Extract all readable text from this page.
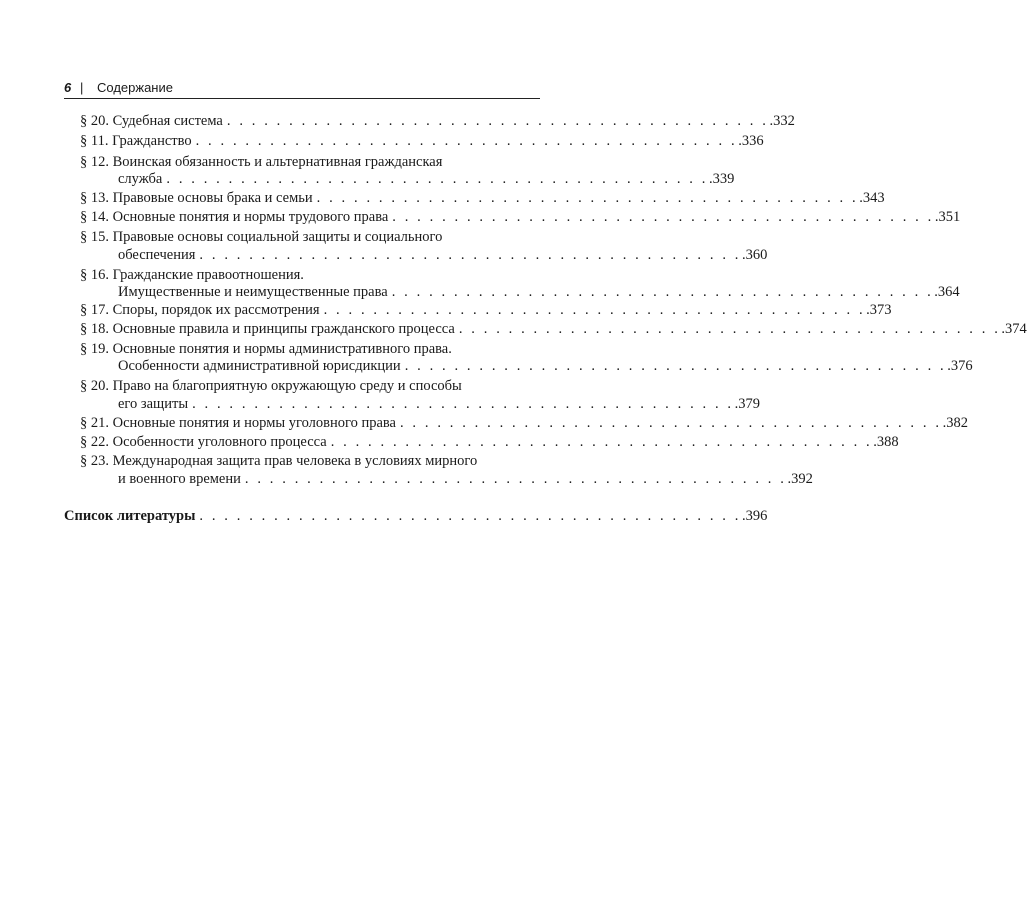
6 | Содержание
§ 20. Судебная система . . . . . . . . . . . . . . . . . . . . . . . . . . . . . . . . . . . . . . . . . . . . .332
§ 11. Гражданство . . . . . . . . . . . . . . . . . . . . . . . . . . . . . . . . . . . . . . . . . . . . .336
§ 12. Воинская обязанность и альтернативная гражданская
служба . . . . . . . . . . . . . . . . . . . . . . . . . . . . . . . . . . . . . . . . . . . . .339
§ 13. Правовые основы брака и семьи . . . . . . . . . . . . . . . . . . . . . . . . . . . . . . . . . . . . . . . . . . . . .343
§ 14. Основные понятия и нормы трудового права . . . . . . . . . . . . . . . . . . . . . . . . . . . . . . . . . . . . . . . . . . . . .351
§ 15. Правовые основы социальной защиты и социального
обеспечения . . . . . . . . . . . . . . . . . . . . . . . . . . . . . . . . . . . . . . . . . . . . .360
§ 16. Гражданские правоотношения.
Имущественные и неимущественные права . . . . . . . . . . . . . . . . . . . . . . . . . . . . . . . . . . . . . . . . . . . . .364
§ 17. Споры, порядок их рассмотрения . . . . . . . . . . . . . . . . . . . . . . . . . . . . . . . . . . . . . . . . . . . . .373
§ 18. Основные правила и принципы гражданского процесса . . . . . . . . . . . . . . . . . . . . . . . . . . . . . . . . . . . . . . . . . . . . .374
§ 19. Основные понятия и нормы административного права.
Особенности административной юрисдикции . . . . . . . . . . . . . . . . . . . . . . . . . . . . . . . . . . . . . . . . . . . . .376
§ 20. Право на благоприятную окружающую среду и способы
его защиты . . . . . . . . . . . . . . . . . . . . . . . . . . . . . . . . . . . . . . . . . . . . .379
§ 21. Основные понятия и нормы уголовного права . . . . . . . . . . . . . . . . . . . . . . . . . . . . . . . . . . . . . . . . . . . . .382
§ 22. Особенности уголовного процесса . . . . . . . . . . . . . . . . . . . . . . . . . . . . . . . . . . . . . . . . . . . . .388
§ 23. Международная защита прав человека в условиях мирного
и военного времени . . . . . . . . . . . . . . . . . . . . . . . . . . . . . . . . . . . . . . . . . . . . .392
Список литературы . . . . . . . . . . . . . . . . . . . . . . . . . . . . . . . . . . . . . . . . . . . . .396
